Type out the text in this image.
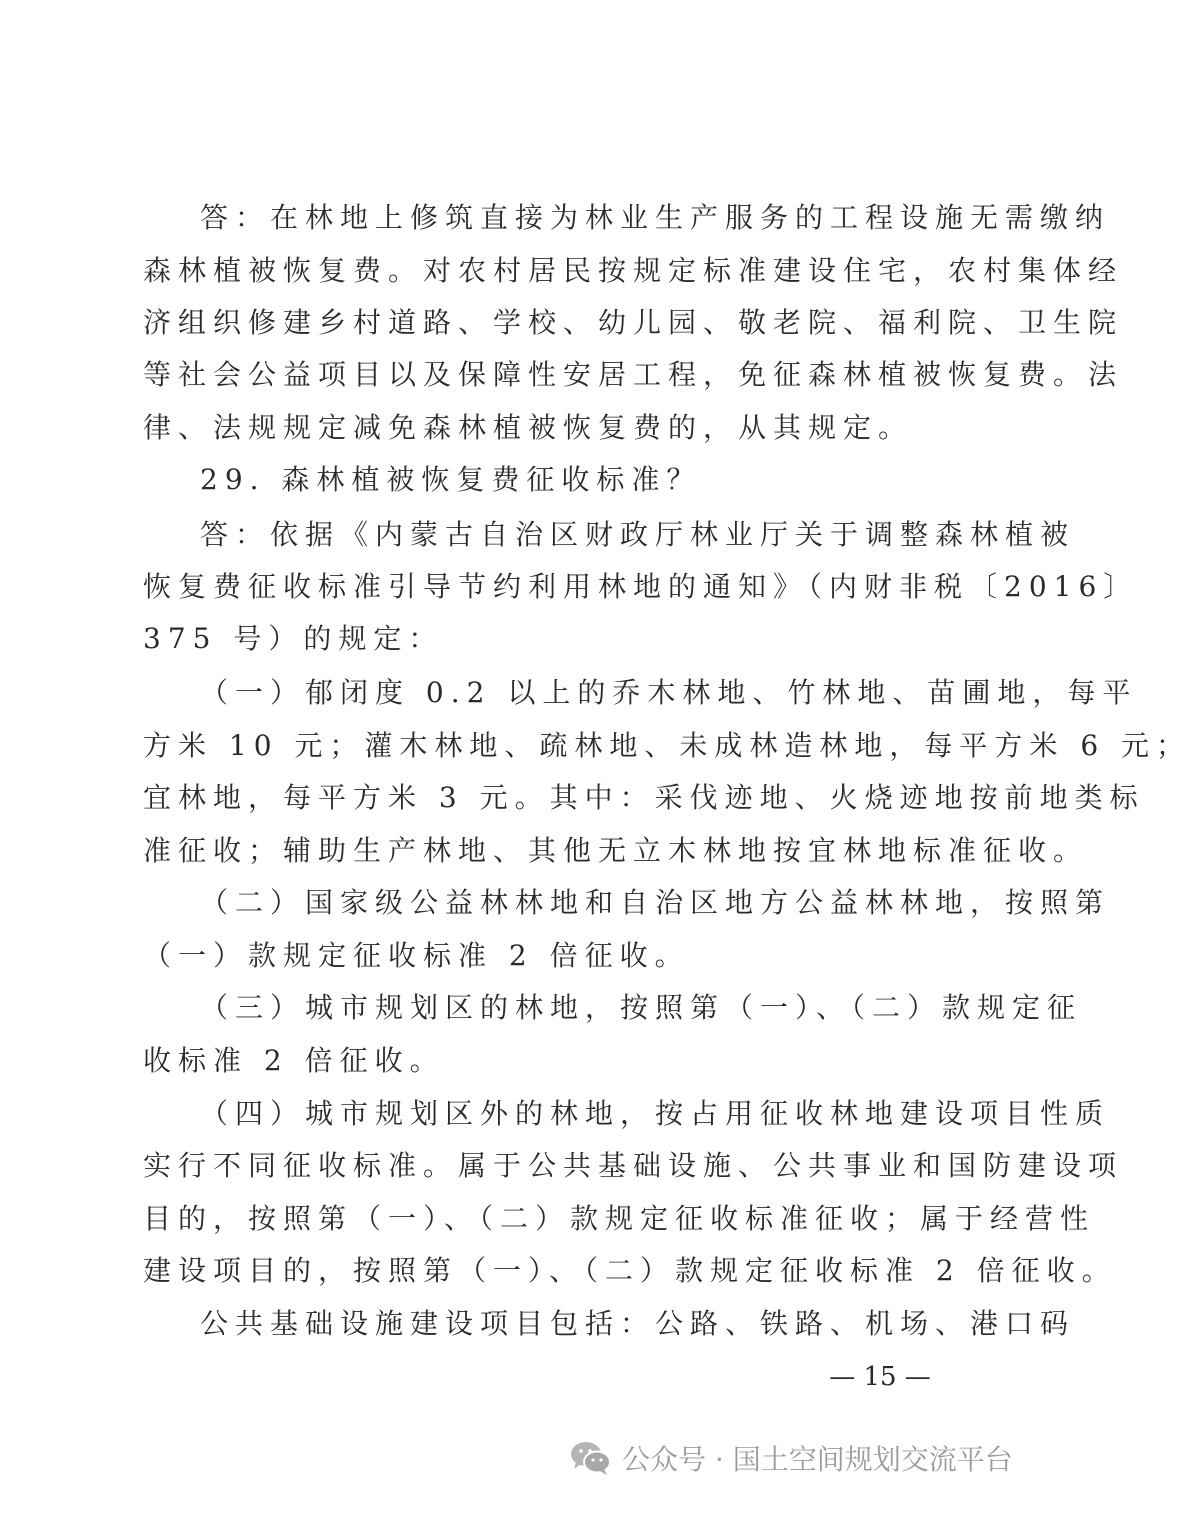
答：在林地上修筑直接为林业生产服务的工程设施无需缴纳
森林植被恢复费。对农村居民按规定标准建设住宅，农村集体经
济组织修建乡村道路、学校、幼儿园、敬老院、福利院、卫生院
等社会公益项目以及保障性安居工程，免征森林植被恢复费。法
律、法规规定减免森林植被恢复费的，从其规定。
29. 森林植被恢复费征收标准？
答：依据《内蒙古自治区财政厅林业厅关于调整森林植被
恢复费征收标准引导节约利用林地的通知》（内财非税〔2016〕
375 号）的规定：
（一）郁闭度 0.2 以上的乔木林地、竹林地、苗圃地，每平
方米 10 元；灌木林地、疏林地、未成林造林地，每平方米 6 元；
宜林地，每平方米 3 元。其中：采伐迹地、火烧迹地按前地类标
准征收；辅助生产林地、其他无立木林地按宜林地标准征收。
（二）国家级公益林林地和自治区地方公益林林地，按照第
（一）款规定征收标准 2 倍征收。
（三）城市规划区的林地，按照第（一）、（二）款规定征
收标准 2 倍征收。
（四）城市规划区外的林地，按占用征收林地建设项目性质
实行不同征收标准。属于公共基础设施、公共事业和国防建设项
目的，按照第（一）、（二）款规定征收标准征收；属于经营性
建设项目的，按照第（一）、（二）款规定征收标准 2 倍征收。
公共基础设施建设项目包括：公路、铁路、机场、港口码
— 15 —
公众号 · 国土空间规划交流平台
